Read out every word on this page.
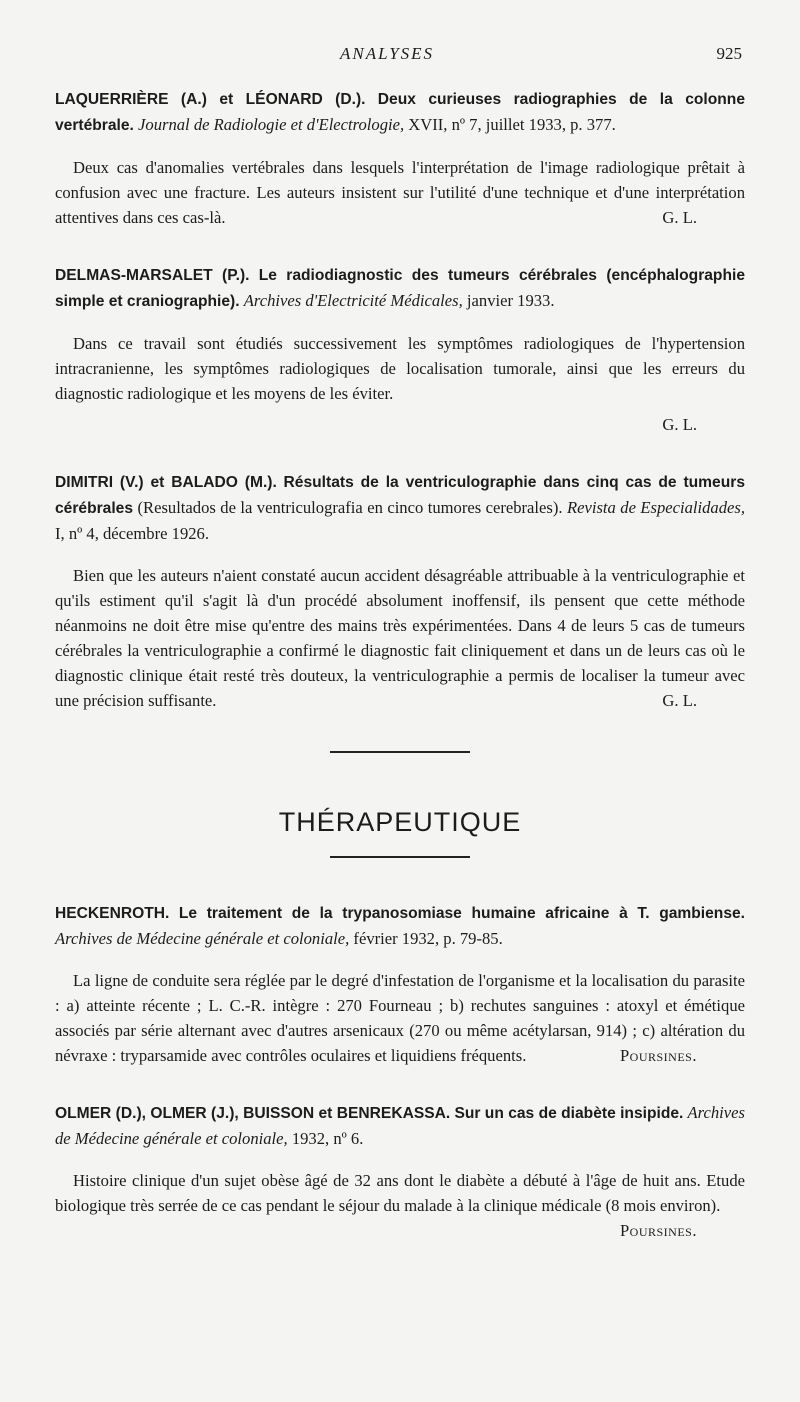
ANALYSES	925

LAQUERRIÈRE (A.) et LÉONARD (D.). Deux curieuses radiographies de la colonne vertébrale. Journal de Radiologie et d'Electrologie, XVII, nº 7, juillet 1933, p. 377.

Deux cas d'anomalies vertébrales dans lesquels l'interprétation de l'image radiologique prêtait à confusion avec une fracture. Les auteurs insistent sur l'utilité d'une technique et d'une interprétation attentives dans ces cas-là.	G. L.

DELMAS-MARSALET (P.). Le radiodiagnostic des tumeurs cérébrales (encéphalographie simple et craniographie). Archives d'Electricité Médicales, janvier 1933.

Dans ce travail sont étudiés successivement les symptômes radiologiques de l'hypertension intracranienne, les symptômes radiologiques de localisation tumorale, ainsi que les erreurs du diagnostic radiologique et les moyens de les éviter.

G. L.

DIMITRI (V.) et BALADO (M.). Résultats de la ventriculographie dans cinq cas de tumeurs cérébrales (Resultados de la ventriculografia en cinco tumores cerebrales). Revista de Especialidades, I, nº 4, décembre 1926.

Bien que les auteurs n'aient constaté aucun accident désagréable attribuable à la ventriculographie et qu'ils estiment qu'il s'agit là d'un procédé absolument inoffensif, ils pensent que cette méthode néanmoins ne doit être mise qu'entre des mains très expérimentées. Dans 4 de leurs 5 cas de tumeurs cérébrales la ventriculographie a confirmé le diagnostic fait cliniquement et dans un de leurs cas où le diagnostic clinique était resté très douteux, la ventriculographie a permis de localiser la tumeur avec une précision suffisante.	G. L.

THÉRAPEUTIQUE

HECKENROTH. Le traitement de la trypanosomiase humaine africaine à T. gambiense. Archives de Médecine générale et coloniale, février 1932, p. 79-85.

La ligne de conduite sera réglée par le degré d'infestation de l'organisme et la localisation du parasite : a) atteinte récente ; L. C.-R. intègre : 270 Fourneau ; b) rechutes sanguines : atoxyl et émétique associés par série alternant avec d'autres arsenicaux (270 ou même acétylarsan, 914) ; c) altération du névraxe : tryparsamide avec contrôles oculaires et liquidiens fréquents.	Poursines.

OLMER (D.), OLMER (J.), BUISSON et BENREKASSA. Sur un cas de diabète insipide. Archives de Médecine générale et coloniale, 1932, nº 6.

Histoire clinique d'un sujet obèse âgé de 32 ans dont le diabète a débuté à l'âge de huit ans. Etude biologique très serrée de ce cas pendant le séjour du malade à la clinique médicale (8 mois environ).
Poursines.
